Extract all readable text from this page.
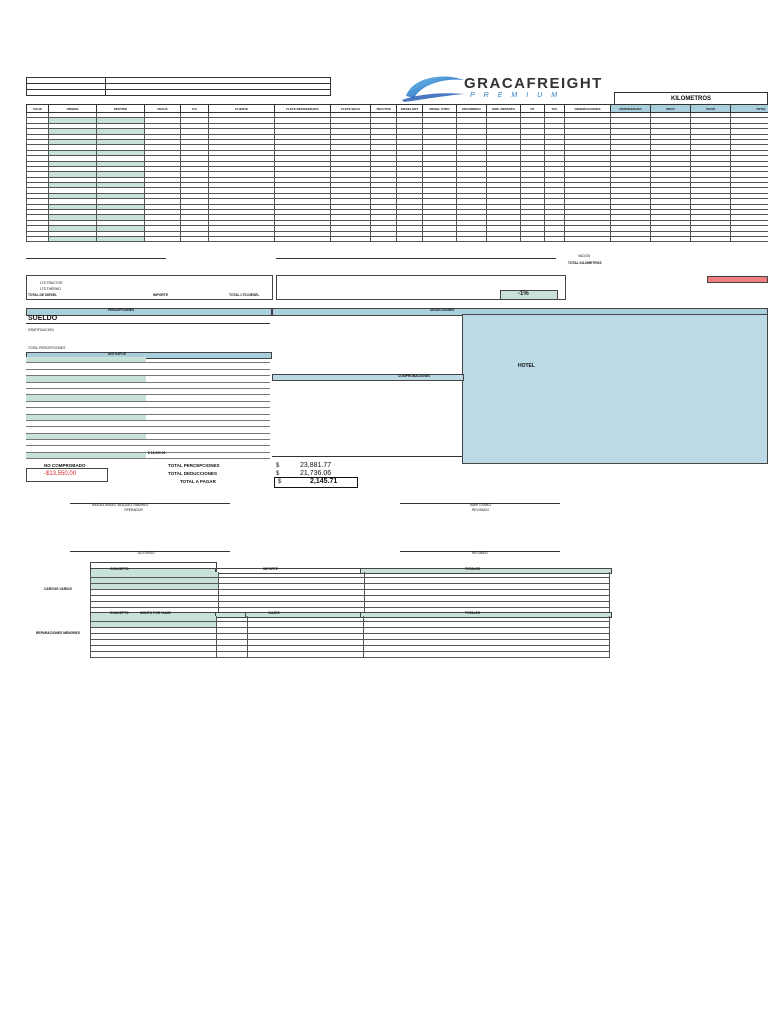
GRACAFREIGHT
PREMIUM	KILOMETROS
VIAJE	ORIGEN	DESTINO	FECHA	C/V	CLIENTE	FLETE REFRIGERADO	FLETE SECO	TRACTOR	DIESEL RET	DIESEL OTRO	RECORRIDO	KMS. REPARTO	DT	TAC	OBSERVACIONES	REFRIGERADO	SECO	VACIO	TOTAL

VACIOS
TOTAL KILOMETROS
LTS TRACTOR
LTS THERMO
TOTAL DE DIESEL	IMPORTE	TOTAL LTS DIESEL	-1%
PERCEPCIONES
SUELDO
GRATIFICACION
TOTAL PERCEPCIONES
ANTICIPOS
$ 16,000.00
DEDUCCIONES
HOTEL
COMPROBACIONES
NO COMPROBADO
-$13,550.00
TOTAL PERCEPCIONES	$	23,881.77
TOTAL DEDUCCIONES	$	21,736.06
TOTAL A PAGAR	$	2,145.71
MIGUEL ANGEL VAZQUEZ RAMIREZ
OPERADOR
MARI GOMEZ
REVISADO
AUTORIZO	RECIBIDO
CONCEPTO	IMPORTE	TOTALES
CARGOS VARIOS
CONCEPTO	MONTO POR VIAJE	VIAJES	TOTALES
REPARACIONES MENORES
